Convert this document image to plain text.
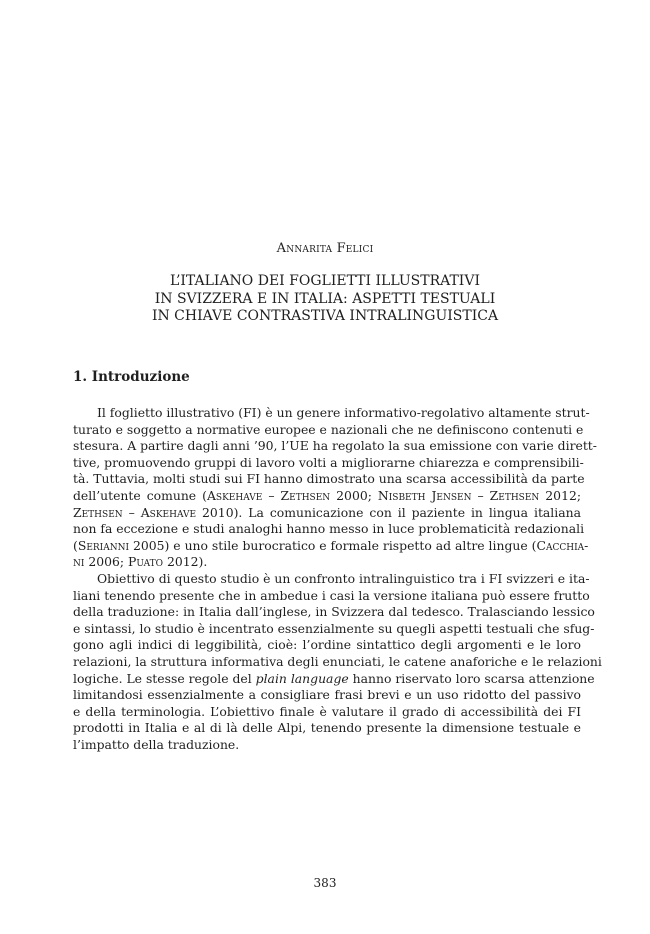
Annarita Felici
L’ITALIANO DEI FOGLIETTI ILLUSTRATIVI
IN SVIZZERA E IN ITALIA: ASPETTI TESTUALI
IN CHIAVE CONTRASTIVA INTRALINGUISTICA
1. Introduzione
Il foglietto illustrativo (FI) è un genere informativo-regolativo altamente strut-
turato e soggetto a normative europee e nazionali che ne definiscono contenuti e
stesura. A partire dagli anni ’90, l’UE ha regolato la sua emissione con varie dirett-
tive, promuovendo gruppi di lavoro volti a migliorarne chiarezza e comprensibili-
tà. Tuttavia, molti studi sui FI hanno dimostrato una scarsa accessibilità da parte
dell’utente comune (Askehave – Zethsen 2000; Nisbeth Jensen – Zethsen 2012;
Zethsen – Askehave 2010). La comunicazione con il paziente in lingua italiana
non fa eccezione e studi analoghi hanno messo in luce problematicità redazionali
(Serianni 2005) e uno stile burocratico e formale rispetto ad altre lingue (Cacchia-
ni 2006; Puato 2012).
Obiettivo di questo studio è un confronto intralinguistico tra i FI svizzeri e ita-
liani tenendo presente che in ambedue i casi la versione italiana può essere frutto
della traduzione: in Italia dall’inglese, in Svizzera dal tedesco. Tralasciando lessico
e sintassi, lo studio è incentrato essenzialmente su quegli aspetti testuali che sfug-
gono agli indici di leggibilità, cioè: l’ordine sintattico degli argomenti e le loro
relazioni, la struttura informativa degli enunciati, le catene anaforiche e le relazioni
logiche. Le stesse regole del plain language hanno riservato loro scarsa attenzione
limitandosi essenzialmente a consigliare frasi brevi e un uso ridotto del passivo
e della terminologia. L’obiettivo finale è valutare il grado di accessibilità dei FI
prodotti in Italia e al di là delle Alpi, tenendo presente la dimensione testuale e
l’impatto della traduzione.
383
